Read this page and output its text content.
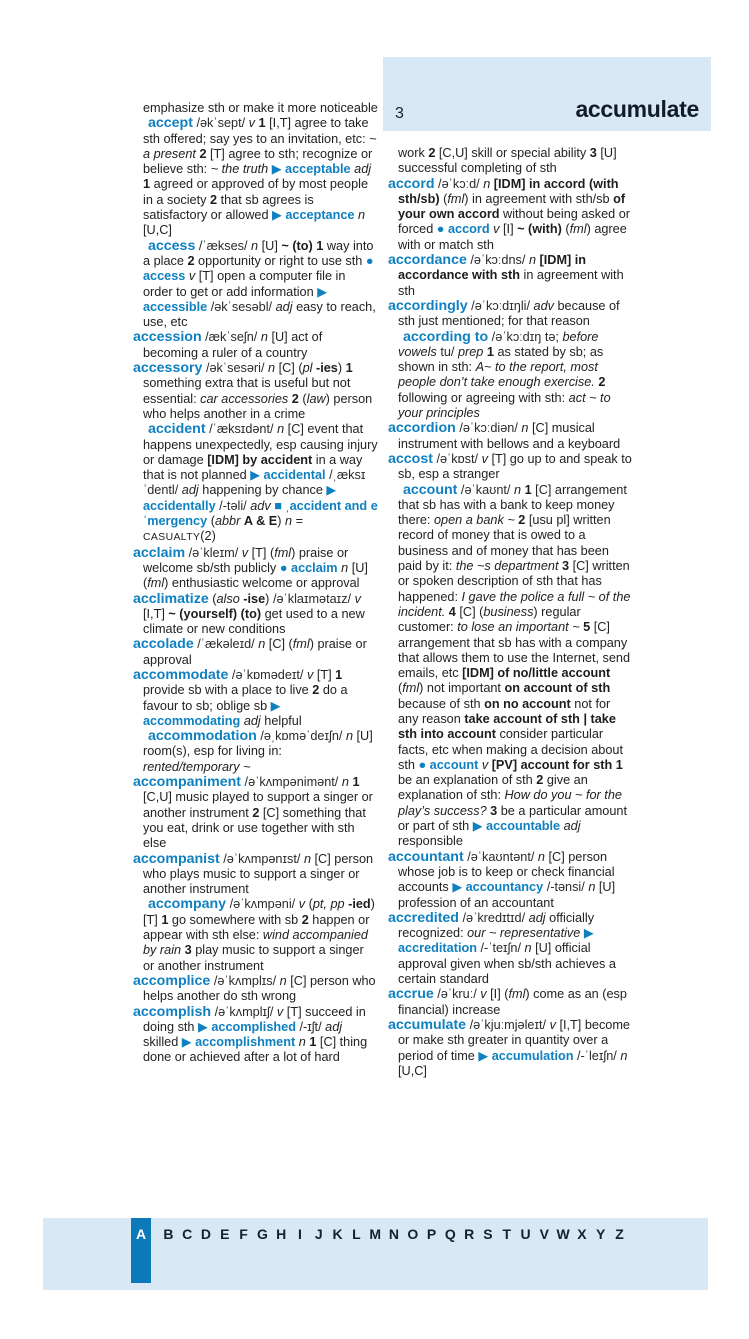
3	accumulate

emphasize sth or make it more noticeable

accept /əkˈsept/ v 1 [I,T] agree to take sth offered; say yes to an invitation, etc: ~ a present 2 [T] agree to sth; recognize or believe sth: ~ the truth ▶ acceptable adj 1 agreed or approved of by most people in a society 2 that sb agrees is satisfactory or allowed ▶ acceptance n [U,C]

access /ˈækses/ n [U] ~ (to) 1 way into a place 2 opportunity or right to use sth ● access v [T] open a computer file in order to get or add information ▶ accessible /əkˈsesəbl/ adj easy to reach, use, etc

accession /ækˈseʃn/ n [U] act of becoming a ruler of a country

accessory /əkˈsesəri/ n [C] (pl -ies) 1 something extra that is useful but not essential: car accessories 2 (law) person who helps another in a crime

accident /ˈæksɪdənt/ n [C] event that happens unexpectedly, esp causing injury or damage [IDM] by accident in a way that is not planned ▶ accidental /ˌæksɪˈdentl/ adj happening by chance ▶ accidentally /-təli/ adv ■ ˌaccident and eˈmergency (abbr A & E) n = CASUALTY(2)

acclaim /əˈkleɪm/ v [T] (fml) praise or welcome sb/sth publicly ● acclaim n [U] (fml) enthusiastic welcome or approval

acclimatize (also -ise) /əˈklaɪmətaɪz/ v [I,T] ~ (yourself) (to) get used to a new climate or new conditions

accolade /ˈækəleɪd/ n [C] (fml) praise or approval

accommodate /əˈkɒmədeɪt/ v [T] 1 provide sb with a place to live 2 do a favour to sb; oblige sb ▶ accommodating adj helpful

accommodation /əˌkɒməˈdeɪʃn/ n [U] room(s), esp for living in: rented/temporary ~

accompaniment /əˈkʌmpənimənt/ n 1 [C,U] music played to support a singer or another instrument 2 [C] something that you eat, drink or use together with sth else

accompanist /əˈkʌmpənɪst/ n [C] person who plays music to support a singer or another instrument

accompany /əˈkʌmpəni/ v (pt, pp -ied) [T] 1 go somewhere with sb 2 happen or appear with sth else: wind accompanied by rain 3 play music to support a singer or another instrument

accomplice /əˈkʌmplɪs/ n [C] person who helps another do sth wrong

accomplish /əˈkʌmplɪʃ/ v [T] succeed in doing sth ▶ accomplished /-ɪʃt/ adj skilled ▶ accomplishment n 1 [C] thing done or achieved after a lot of hard

work 2 [C,U] skill or special ability 3 [U] successful completing of sth

accord /əˈkɔːd/ n [IDM] in accord (with sth/sb) (fml) in agreement with sth/sb of your own accord without being asked or forced ● accord v [I] ~ (with) (fml) agree with or match sth

accordance /əˈkɔːdns/ n [IDM] in accordance with sth in agreement with sth

accordingly /əˈkɔːdɪŋli/ adv because of sth just mentioned; for that reason

according to /əˈkɔːdɪŋ tə; before vowels tu/ prep 1 as stated by sb; as shown in sth: A~ to the report, most people don’t take enough exercise. 2 following or agreeing with sth: act ~ to your principles

accordion /əˈkɔːdiən/ n [C] musical instrument with bellows and a keyboard

accost /əˈkɒst/ v [T] go up to and speak to sb, esp a stranger

account /əˈkaʊnt/ n 1 [C] arrangement that sb has with a bank to keep money there: open a bank ~ 2 [usu pl] written record of money that is owed to a business and of money that has been paid by it: the ~s department 3 [C] written or spoken description of sth that has happened: I gave the police a full ~ of the incident. 4 [C] (business) regular customer: to lose an important ~ 5 [C] arrangement that sb has with a company that allows them to use the Internet, send emails, etc [IDM] of no/little account (fml) not important on account of sth because of sth on no account not for any reason take account of sth | take sth into account consider particular facts, etc when making a decision about sth ● account v [PV] account for sth 1 be an explanation of sth 2 give an explanation of sth: How do you ~ for the play’s success? 3 be a particular amount or part of sth ▶ accountable adj responsible

accountant /əˈkaʊntənt/ n [C] person whose job is to keep or check financial accounts ▶ accountancy /-tənsi/ n [U] profession of an accountant

accredited /əˈkredɪtɪd/ adj officially recognized: our ~ representative ▶ accreditation /-ˈteɪʃn/ n [U] official approval given when sb/sth achieves a certain standard

accrue /əˈkruː/ v [I] (fml) come as an (esp financial) increase

accumulate /əˈkjuːmjəleɪt/ v [I,T] become or make sth greater in quantity over a period of time ▶ accumulation /-ˈleɪʃn/ n [U,C]

A	B C D E F G H I J K L M N O P Q R S T U V W X Y Z
